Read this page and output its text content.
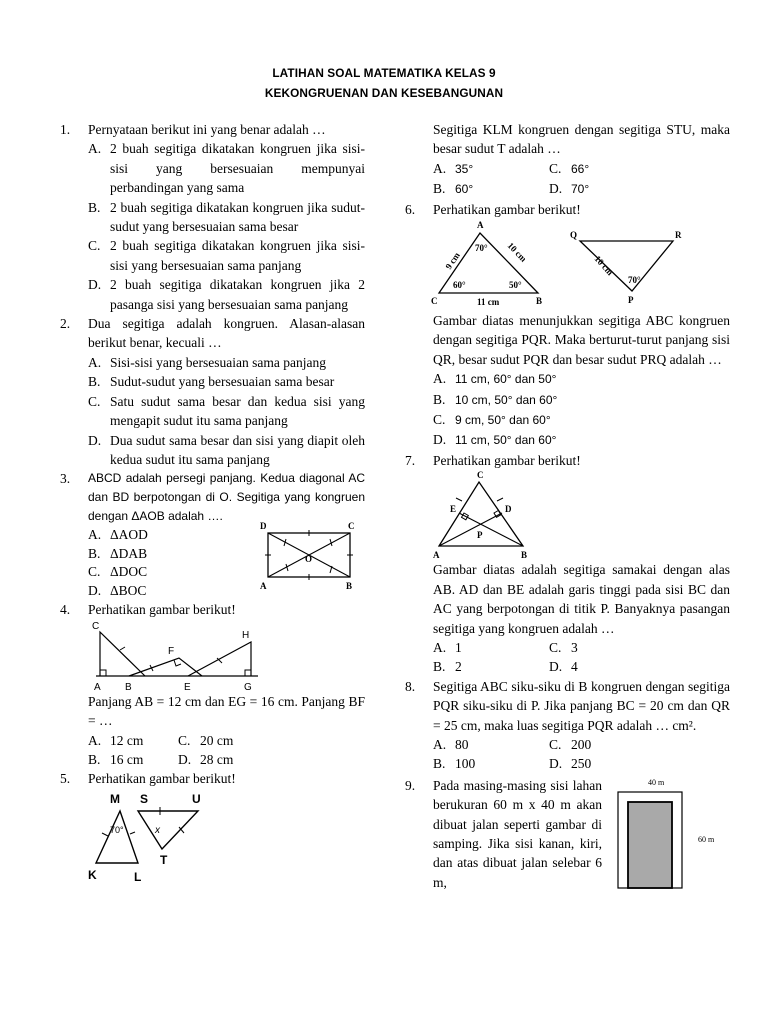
LATIHAN SOAL MATEMATIKA KELAS 9
KEKONGRUENAN DAN KESEBANGUNAN
1. Pernyataan berikut ini yang benar adalah …
A. 2 buah segitiga dikatakan kongruen jika sisi-sisi yang bersesuaian mempunyai perbandingan yang sama
B. 2 buah segitiga dikatakan kongruen jika sudut-sudut yang bersesuaian sama besar
C. 2 buah segitiga dikatakan kongruen jika sisi-sisi yang bersesuaian sama panjang
D. 2 buah segitiga dikatakan kongruen jika 2 pasanga sisi yang bersesuaian sama panjang
2. Dua segitiga adalah kongruen. Alasan-alasan berikut benar, kecuali …
A. Sisi-sisi yang bersesuaian sama panjang
B. Sudut-sudut yang bersesuaian sama besar
C. Satu sudut sama besar dan kedua sisi yang mengapit sudut itu sama panjang
D. Dua sudut sama besar dan sisi yang diapit oleh kedua sudut itu sama panjang
3. ABCD adalah persegi panjang. Kedua diagonal AC dan BD berpotongan di O. Segitiga yang kongruen dengan ΔAOB adalah ….
A. ΔAOD
B. ΔDAB
C. ΔDOC
D. ΔBOC
D	C
A	B
O
4. Perhatikan gambar berikut!
C
F
H
A B	E	G
Panjang AB = 12 cm dan EG = 16 cm. Panjang BF = …
A. 12 cm	C. 20 cm
B. 16 cm	D. 28 cm
5. Perhatikan gambar berikut!
M S	U
K	L
T
70°	x
Segitiga KLM kongruen dengan segitiga STU, maka besar sudut T adalah …
A. 35°	C. 66°
B. 60°	D. 70°
6. Perhatikan gambar berikut!
A
C	B
9 cm	10 cm
11 cm
70°
60°	50°
Q	R
P
10 cm
70°
Gambar diatas menunjukkan segitiga ABC kongruen dengan segitiga PQR. Maka berturut-turut panjang sisi QR, besar sudut PQR dan besar sudut PRQ adalah …
A. 11 cm, 60° dan 50°
B. 10 cm, 50° dan 60°
C. 9 cm, 50° dan 60°
D. 11 cm, 50° dan 60°
7. Perhatikan gambar berikut!
C
E	D
P
A	B
Gambar diatas adalah segitiga samakai dengan alas AB. AD dan BE adalah garis tinggi pada sisi BC dan AC yang berpotongan di titik P. Banyaknya pasangan segitiga yang kongruen adalah …
A. 1	C. 3
B. 2	D. 4
8. Segitiga ABC siku-siku di B kongruen dengan segitiga PQR siku-siku di P. Jika panjang BC = 20 cm dan QR = 25 cm, maka luas segitiga PQR adalah … cm².
A. 80	C. 200
B. 100	D. 250
9. Pada masing-masing sisi lahan berukuran 60 m x 40 m akan dibuat jalan seperti gambar di samping. Jika sisi kanan, kiri, dan atas dibuat jalan selebar 6 m,
40 m
60 m
